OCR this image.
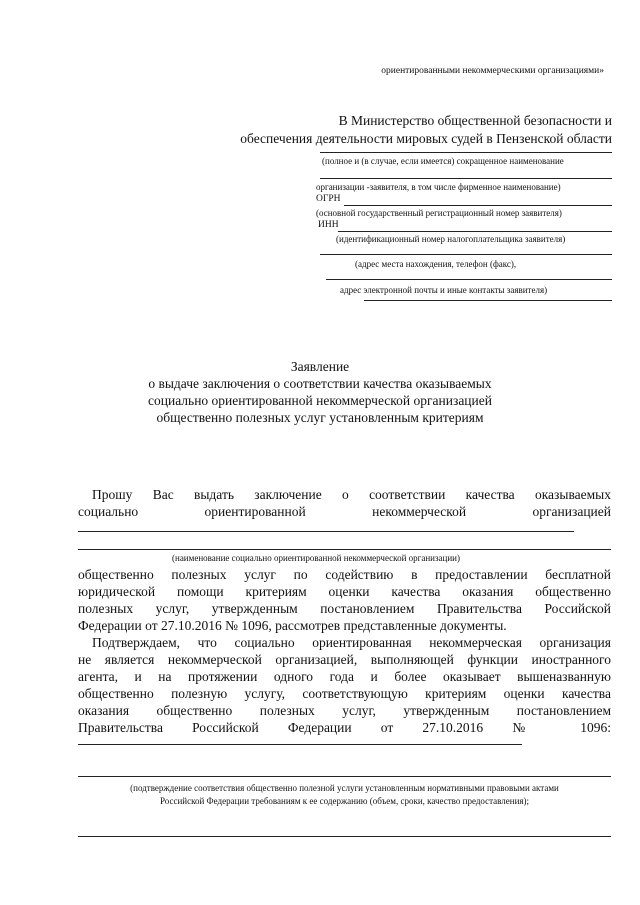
ориентированными некоммерческими организациями»
В Министерство общественной безопасности и
обеспечения деятельности мировых судей в Пензенской области
(полное и (в случае, если имеется) сокращенное наименование
организации -заявителя, в том числе фирменное наименование)
ОГРН
(основной государственный регистрационный номер заявителя)
ИНН
(идентификационный номер налогоплательщика заявителя)
(адрес места нахождения, телефон (факс),
адрес электронной почты и иные контакты заявителя)
Заявление
о выдаче заключения о соответствии качества оказываемых
социально ориентированной некоммерческой организацией
общественно полезных услуг установленным критериям
Прошу Вас выдать заключение о соответствии качества оказываемых
социально ориентированной некоммерческой организацией
(наименование социально ориентированной некоммерческой организации)
общественно полезных услуг по содействию в предоставлении бесплатной
юридической помощи критериям оценки качества оказания общественно
полезных услуг, утвержденным постановлением Правительства Российской
Федерации от 27.10.2016 № 1096, рассмотрев представленные документы.
Подтверждаем, что социально ориентированная некоммерческая организация
не является некоммерческой организацией, выполняющей функции иностранного
агента, и на протяжении одного года и более оказывает вышеназванную
общественно полезную услугу, соответствующую критериям оценки качества
оказания общественно полезных услуг, утвержденным постановлением
Правительства Российской Федерации от 27.10.2016 № 1096:
(подтверждение соответствия общественно полезной услуги установленным нормативными правовыми актами
Российской Федерации требованиям к ее содержанию (объем, сроки, качество предоставления);
